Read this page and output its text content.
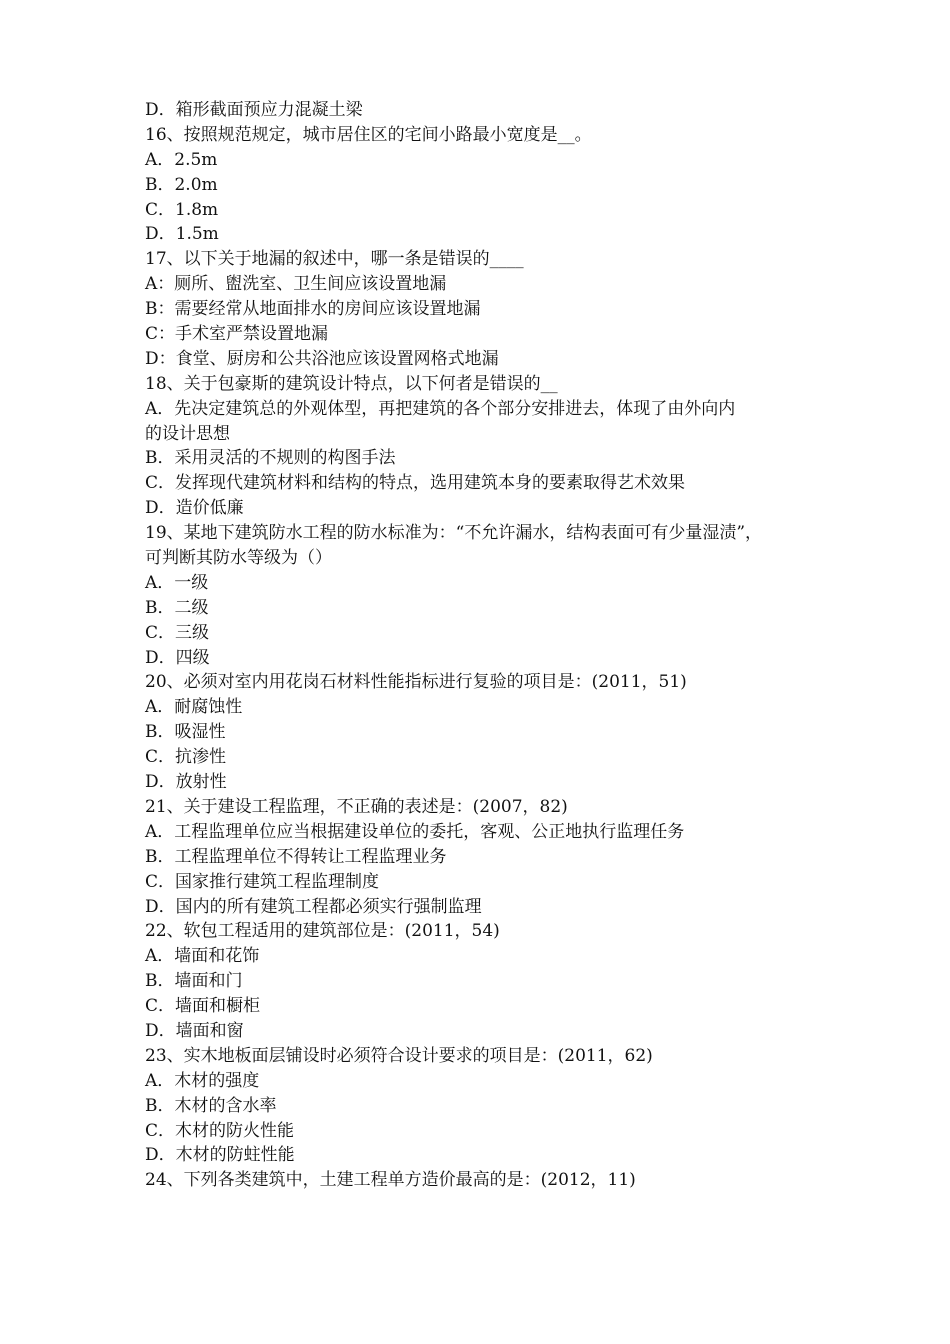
D．箱形截面预应力混凝土梁
16、按照规范规定，城市居住区的宅间小路最小宽度是__。
A．2.5m
B．2.0m
C．1.8m
D．1.5m
17、以下关于地漏的叙述中，哪一条是错误的____
A：厕所、盥洗室、卫生间应该设置地漏
B：需要经常从地面排水的房间应该设置地漏
C：手术室严禁设置地漏
D：食堂、厨房和公共浴池应该设置网格式地漏
18、关于包豪斯的建筑设计特点，以下何者是错误的__
A．先决定建筑总的外观体型，再把建筑的各个部分安排进去，体现了由外向内
的设计思想
B．采用灵活的不规则的构图手法
C．发挥现代建筑材料和结构的特点，选用建筑本身的要素取得艺术效果
D．造价低廉
19、某地下建筑防水工程的防水标准为：“不允许漏水，结构表面可有少量湿渍”，
可判断其防水等级为（）
A．一级
B．二级
C．三级
D．四级
20、必须对室内用花岗石材料性能指标进行复验的项目是：(2011，51)
A．耐腐蚀性
B．吸湿性
C．抗渗性
D．放射性
21、关于建设工程监理，不正确的表述是：(2007，82)
A．工程监理单位应当根据建设单位的委托，客观、公正地执行监理任务
B．工程监理单位不得转让工程监理业务
C．国家推行建筑工程监理制度
D．国内的所有建筑工程都必须实行强制监理
22、软包工程适用的建筑部位是：(2011，54)
A．墙面和花饰
B．墙面和门
C．墙面和橱柜
D．墙面和窗
23、实木地板面层铺设时必须符合设计要求的项目是：(2011，62)
A．木材的强度
B．木材的含水率
C．木材的防火性能
D．木材的防蛀性能
24、下列各类建筑中，土建工程单方造价最高的是：(2012，11)
